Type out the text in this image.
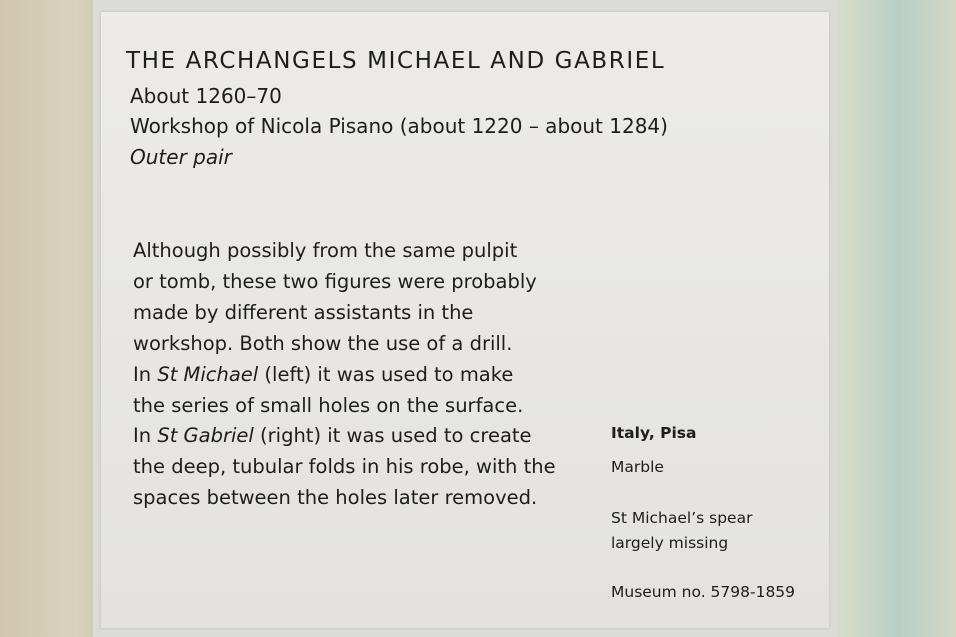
THE ARCHANGELS MICHAEL AND GABRIEL
About 1260–70
Workshop of Nicola Pisano (about 1220 – about 1284)
Outer pair
Although possibly from the same pulpit
or tomb, these two figures were probably
made by different assistants in the
workshop. Both show the use of a drill.
In St Michael (left) it was used to make
the series of small holes on the surface.
In St Gabriel (right) it was used to create
the deep, tubular folds in his robe, with the
spaces between the holes later removed.
Italy, Pisa
Marble
St Michael’s spear
largely missing
Museum no. 5798-1859
